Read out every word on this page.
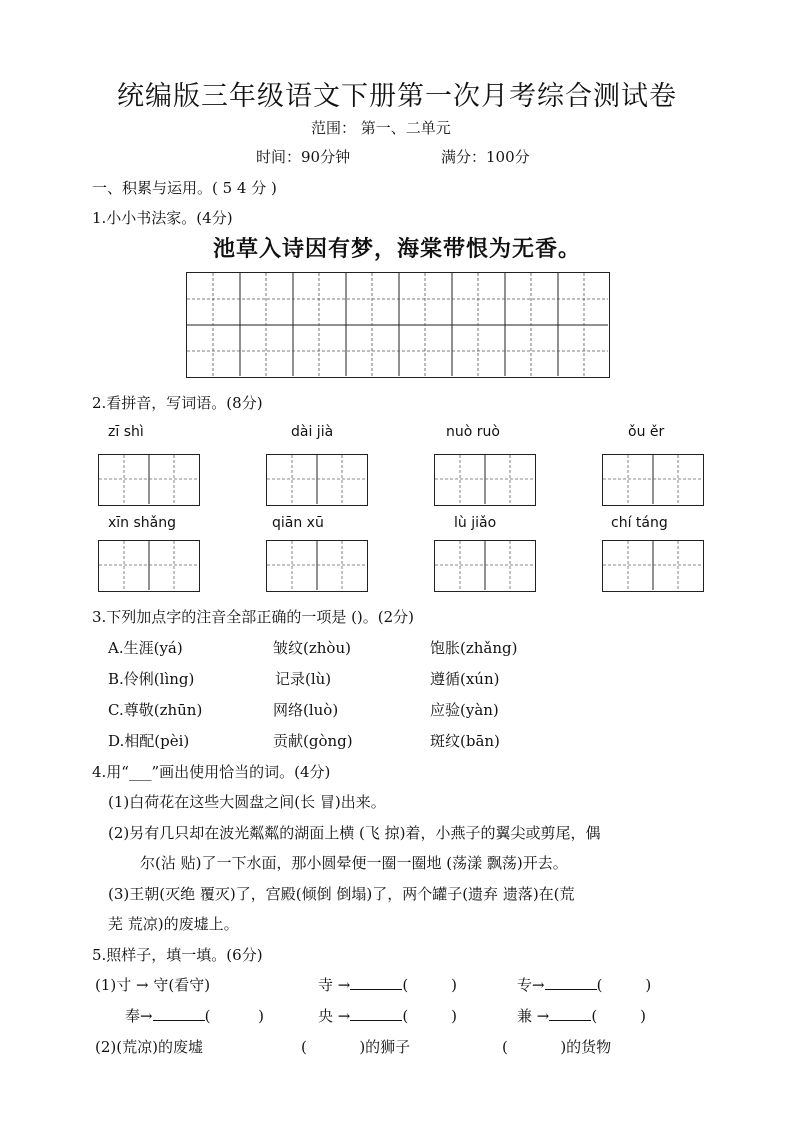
统编版三年级语文下册第一次月考综合测试卷
范围： 第一、二单元
时间：90分钟	满分：100分
一、积累与运用。( 5 4 分 )
1.小小书法家。(4分)
池草入诗因有梦，海棠带恨为无香。
2.看拼音，写词语。(8分)
zī shì	dài jià	nuò ruò	ǒu ěr
xīn shǎng	qiān xū	lù jiǎo	chí táng
3.下列加点字的注音全部正确的一项是 ()。(2分)
A.生涯(yá)	皱纹(zhòu)	饱胀(zhǎng)
B.伶俐(lìng)	记录(lù)	遵循(xún)
C.尊敬(zhūn)	网络(luò)	应验(yàn)
D.相配(pèi)	贡献(gòng)	斑纹(bān)
4.用“___”画出使用恰当的词。(4分)
(1)白荷花在这些大圆盘之间(长 冒)出来。
(2)另有几只却在波光粼粼的湖面上横 (飞 掠)着，小燕子的翼尖或剪尾，偶
尔(沾 贴)了一下水面，那小圆晕便一圈一圈地 (荡漾 飘荡)开去。
(3)王朝(灭绝 覆灭)了，宫殿(倾倒 倒塌)了，两个罐子(遗弃 遗落)在(荒
芜 荒凉)的废墟上。
5.照样子，填一填。(6分)
(1)寸 → 守(看守)	寺 →	(         )	专→	(         )
奉→	(          )	央 →	(         )	兼 →	(         )
(2)(荒凉)的废墟	(           )的狮子	(           )的货物
